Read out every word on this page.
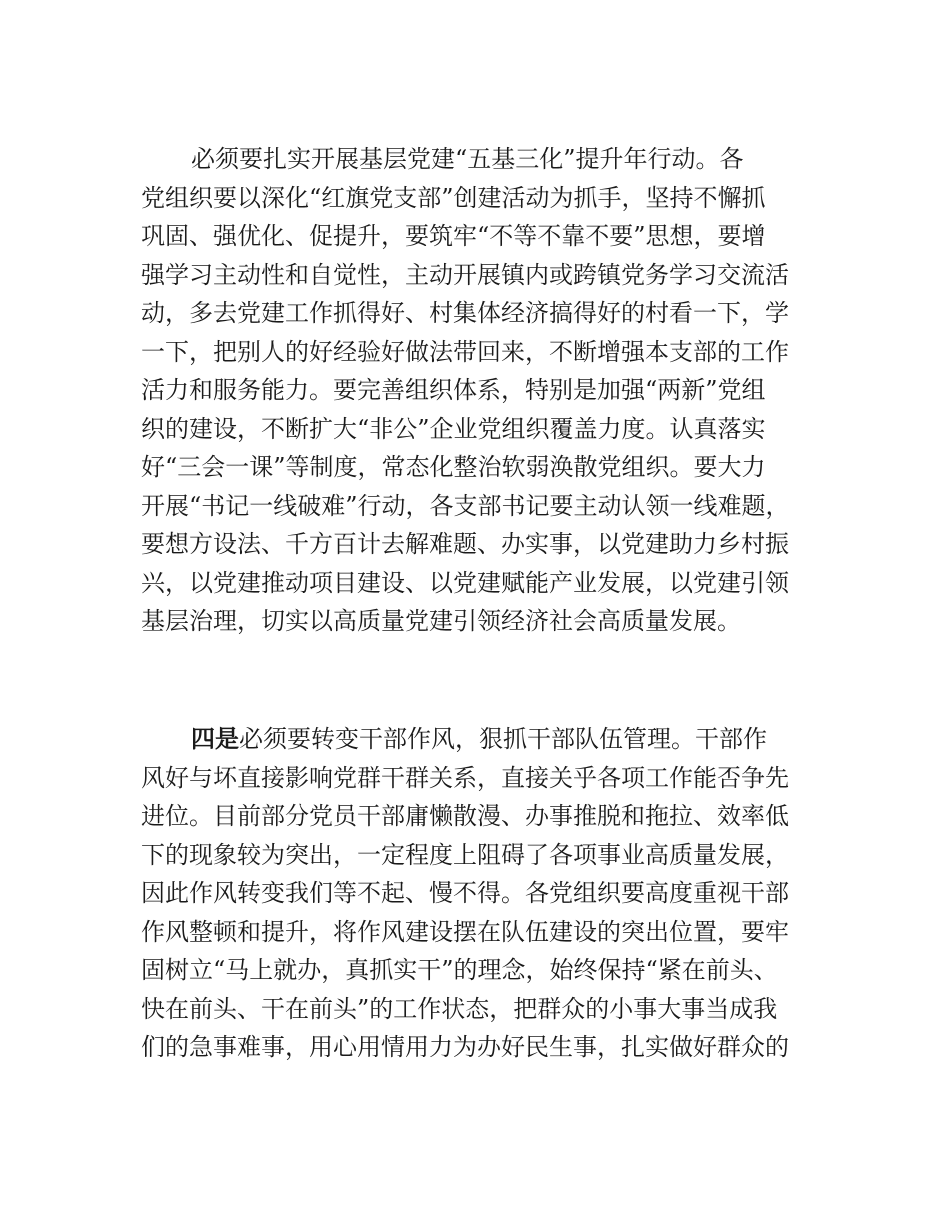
必须要扎实开展基层党建“五基三化”提升年行动。各
党组织要以深化“红旗党支部”创建活动为抓手，坚持不懈抓
巩固、强优化、促提升，要筑牢“不等不靠不要”思想，要增
强学习主动性和自觉性，主动开展镇内或跨镇党务学习交流活
动，多去党建工作抓得好、村集体经济搞得好的村看一下，学
一下，把别人的好经验好做法带回来，不断增强本支部的工作
活力和服务能力。要完善组织体系，特别是加强“两新”党组
织的建设，不断扩大“非公”企业党组织覆盖力度。认真落实
好“三会一课”等制度，常态化整治软弱涣散党组织。要大力
开展“书记一线破难”行动，各支部书记要主动认领一线难题，
要想方设法、千方百计去解难题、办实事，以党建助力乡村振
兴，以党建推动项目建设、以党建赋能产业发展，以党建引领
基层治理，切实以高质量党建引领经济社会高质量发展。
四是必须要转变干部作风，狠抓干部队伍管理。干部作
风好与坏直接影响党群干群关系，直接关乎各项工作能否争先
进位。目前部分党员干部庸懒散漫、办事推脱和拖拉、效率低
下的现象较为突出，一定程度上阻碍了各项事业高质量发展，
因此作风转变我们等不起、慢不得。各党组织要高度重视干部
作风整顿和提升，将作风建设摆在队伍建设的突出位置，要牢
固树立“马上就办，真抓实干”的理念，始终保持“紧在前头、
快在前头、干在前头”的工作状态，把群众的小事大事当成我
们的急事难事，用心用情用力为办好民生事，扎实做好群众的
